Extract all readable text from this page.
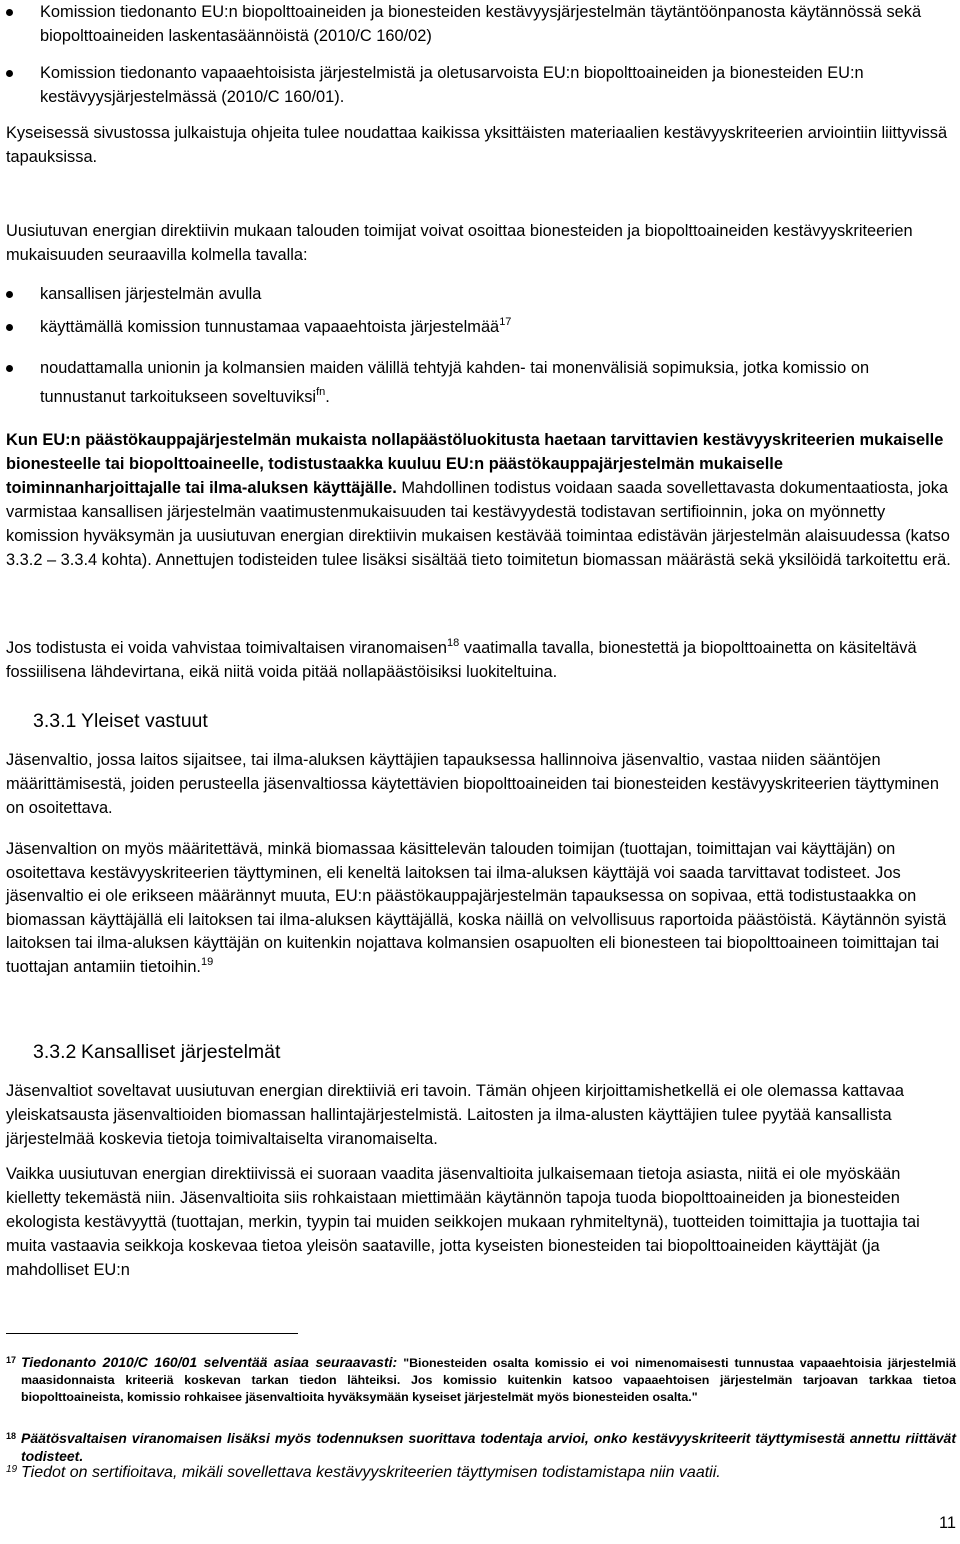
Komission tiedonanto EU:n biopolttoaineiden ja bionesteiden kestävyysjärjestelmän täytäntöönpanosta käytännössä sekä biopolttoaineiden laskentasäännöistä (2010/C 160/02)
Komission tiedonanto vapaaehtoisista järjestelmistä ja oletusarvoista EU:n biopolttoaineiden ja bionesteiden EU:n kestävyysjärjestelmässä (2010/C 160/01).

Kyseisessä sivustossa julkaistuja ohjeita tulee noudattaa kaikissa yksittäisten materiaalien kestävyyskriteerien arviointiin liittyvissä tapauksissa.

Uusiutuvan energian direktiivin mukaan talouden toimijat voivat osoittaa bionesteiden ja biopolttoaineiden kestävyyskriteerien mukaisuuden seuraavilla kolmella tavalla:

kansallisen järjestelmän avulla
käyttämällä komission tunnustamaa vapaaehtoista järjestelmää$^{17}$
noudattamalla unionin ja kolmansien maiden välillä tehtyjä kahden- tai monenvälisiä sopimuksia, jotka komissio on tunnustanut tarkoitukseen soveltuviksi$^{fn}$.

Kun EU:n päästökauppajärjestelmän mukaista nollapäästöluokitusta haetaan tarvittavien kestävyyskriteerien mukaiselle bionesteelle tai biopolttoaineelle, todistustaakka kuuluu EU:n päästökauppajärjestelmän mukaiselle toiminnanharjoittajalle tai ilma-aluksen käyttäjälle. Mahdollinen todistus voidaan saada sovellettavasta dokumentaatiosta, joka varmistaa kansallisen järjestelmän vaatimustenmukaisuuden tai kestävyydestä todistavan sertifioinnin, joka on myönnetty komission hyväksymän ja uusiutuvan energian direktiivin mukaisen kestävää toimintaa edistävän järjestelmän alaisuudessa (katso 3.3.2 – 3.3.4 kohta). Annettujen todisteiden tulee lisäksi sisältää tieto toimitetun biomassan määrästä sekä yksilöidä tarkoitettu erä.

Jos todistusta ei voida vahvistaa toimivaltaisen viranomaisen$^{18}$ vaatimalla tavalla, bionestettä ja biopolttoainetta on käsiteltävä fossiilisena lähdevirtana, eikä niitä voida pitää nollapäästöisiksi luokiteltuina.

3.3.1 Yleiset vastuut

Jäsenvaltio, jossa laitos sijaitsee, tai ilma-aluksen käyttäjien tapauksessa hallinnoiva jäsenvaltio, vastaa niiden sääntöjen määrittämisestä, joiden perusteella jäsenvaltiossa käytettävien biopolttoaineiden tai bionesteiden kestävyyskriteerien täyttyminen on osoitettava.

Jäsenvaltion on myös määritettävä, minkä biomassaa käsittelevän talouden toimijan (tuottajan, toimittajan vai käyttäjän) on osoitettava kestävyyskriteerien täyttyminen, eli keneltä laitoksen tai ilma-aluksen käyttäjä voi saada tarvittavat todisteet. Jos jäsenvaltio ei ole erikseen määrännyt muuta, EU:n päästökauppajärjestelmän tapauksessa on sopivaa, että todistustaakka on biomassan käyttäjällä eli laitoksen tai ilma-aluksen käyttäjällä, koska näillä on velvollisuus raportoida päästöistä. Käytännön syistä laitoksen tai ilma-aluksen käyttäjän on kuitenkin nojattava kolmansien osapuolten eli bionesteen tai biopolttoaineen toimittajan tai tuottajan antamiin tietoihin.$^{19}$

3.3.2 Kansalliset järjestelmät

Jäsenvaltiot soveltavat uusiutuvan energian direktiiviä eri tavoin. Tämän ohjeen kirjoittamishetkellä ei ole olemassa kattavaa yleiskatsausta jäsenvaltioiden biomassan hallintajärjestelmistä. Laitosten ja ilma-alusten käyttäjien tulee pyytää kansallista järjestelmää koskevia tietoja toimivaltaiselta viranomaiselta.

Vaikka uusiutuvan energian direktiivissä ei suoraan vaadita jäsenvaltioita julkaisemaan tietoja asiasta, niitä ei ole myöskään kielletty tekemästä niin. Jäsenvaltioita siis rohkaistaan miettimään käytännön tapoja tuoda biopolttoaineiden ja bionesteiden ekologista kestävyyttä (tuottajan, merkin, tyypin tai muiden seikkojen mukaan ryhmiteltynä), tuotteiden toimittajia ja tuottajia tai muita vastaavia seikkoja koskevaa tietoa yleisön saataville, jotta kyseisten bionesteiden tai biopolttoaineiden käyttäjät (ja mahdolliset EU:n

17 Tiedonanto 2010/C 160/01 selventää asiaa seuraavasti: "Bionesteiden osalta komissio ei voi nimenomaisesti tunnustaa vapaaehtoisia järjestelmiä maasidonnaista kriteeriä koskevan tarkan tiedon lähteiksi. Jos komissio kuitenkin katsoo vapaaehtoisen järjestelmän tarjoavan tarkkaa tietoa biopolttoaineista, komissio rohkaisee jäsenvaltioita hyväksymään kyseiset järjestelmät myös bionesteiden osalta."
18 Päätösvaltaisen viranomaisen lisäksi myös todennuksen suorittava todentaja arvioi, onko kestävyyskriteerit täyttymisestä annettu riittävät todisteet.
19 Tiedot on sertifioitava, mikäli sovellettava kestävyyskriteerien täyttymisen todistamistapa niin vaatii.
11
